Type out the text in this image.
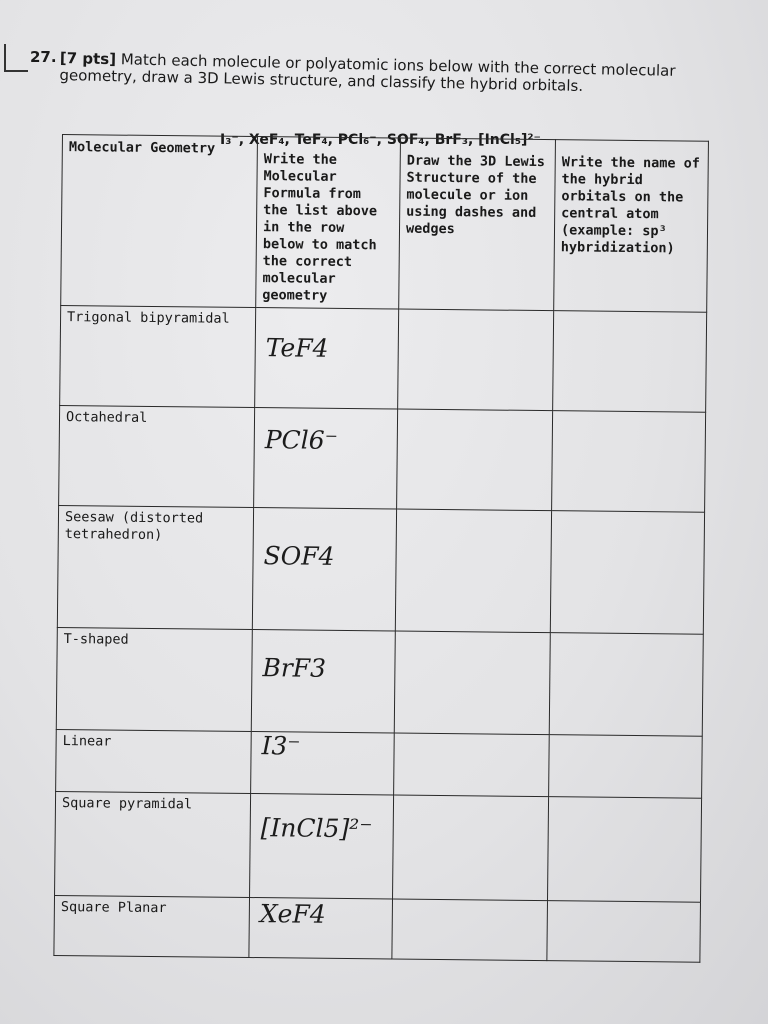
27. [7 pts] Match each molecule or polyatomic ions below with the correct molecular geometry, draw a 3D Lewis structure, and classify the hybrid orbitals.
I₃⁻, XeF₄, TeF₄, PCl₆⁻, SOF₄, BrF₃, [InCl₅]²⁻
Molecular Geometry	Write the Molecular Formula from the list above in the row below to match the correct molecular geometry	Draw the 3D Lewis Structure of the molecule or ion using dashes and wedges	Write the name of the hybrid orbitals on the central atom (example: sp³ hybridization)
Trigonal bipyramidal	TeF4		

Octahedral	PCl6⁻		

Seesaw (distorted tetrahedron)	SOF4		

T-shaped	BrF3		

Linear	I3⁻		

Square pyramidal	[InCl5]²⁻		

Square Planar	XeF4		
